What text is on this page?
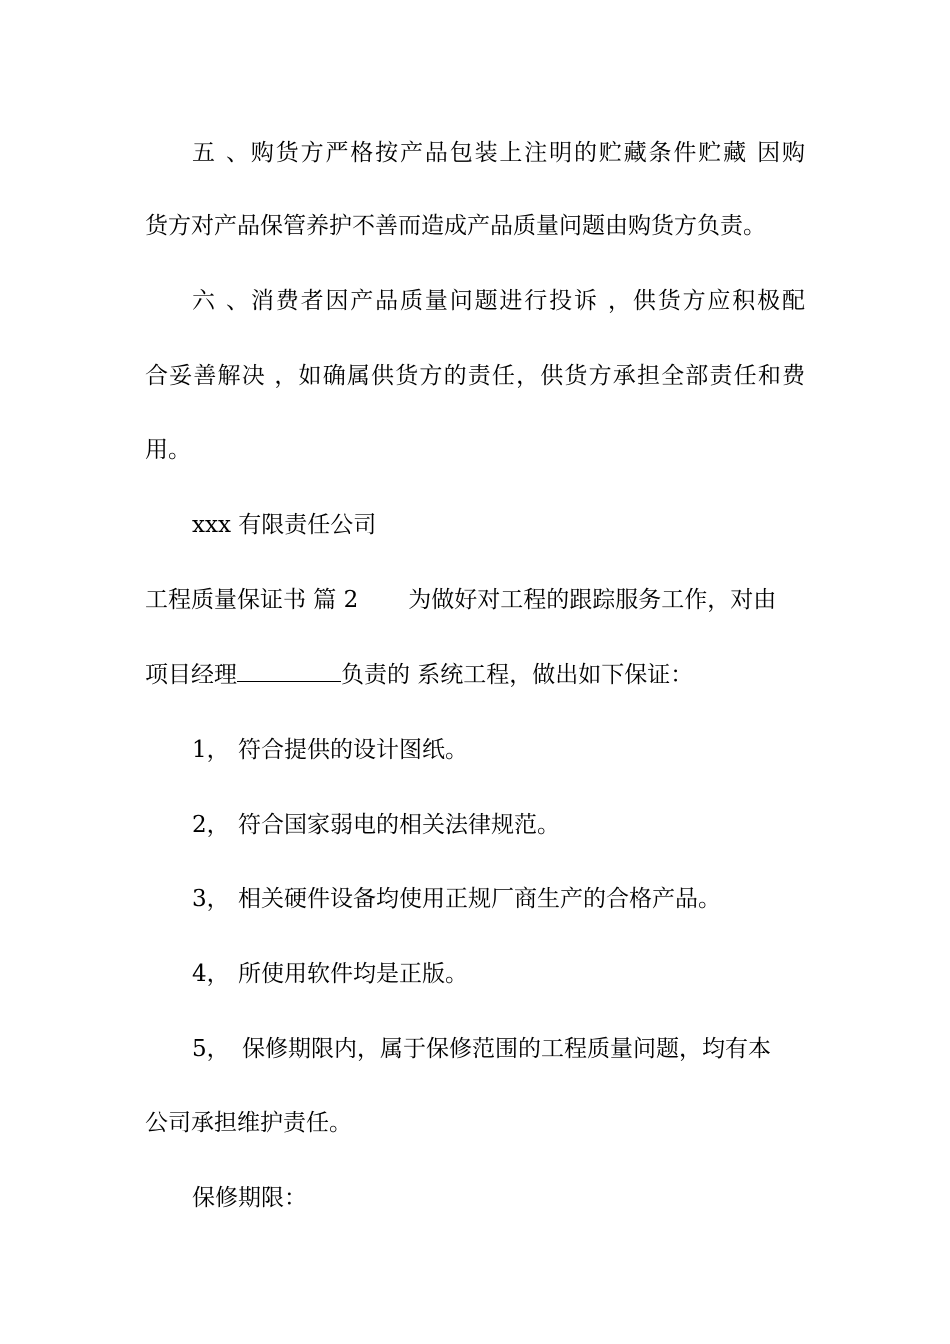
五 、购货方严格按产品包装上注明的贮藏条件贮藏 因购
货方对产品保管养护不善而造成产品质量问题由购货方负责。
六 、消费者因产品质量问题进行投诉 ，供货方应积极配
合妥善解决 ，如确属供货方的责任，供货方承担全部责任和费
用。
xxx 有限责任公司
工程质量保证书 篇 2 为做好对工程的跟踪服务工作，对由
项目经理	负责的 系统工程，做出如下保证：
1， 符合提供的设计图纸。
2， 符合国家弱电的相关法律规范。
3， 相关硬件设备均使用正规厂商生产的合格产品。
4， 所使用软件均是正版。
5， 保修期限内，属于保修范围的工程质量问题，均有本
公司承担维护责任。
保修期限：
